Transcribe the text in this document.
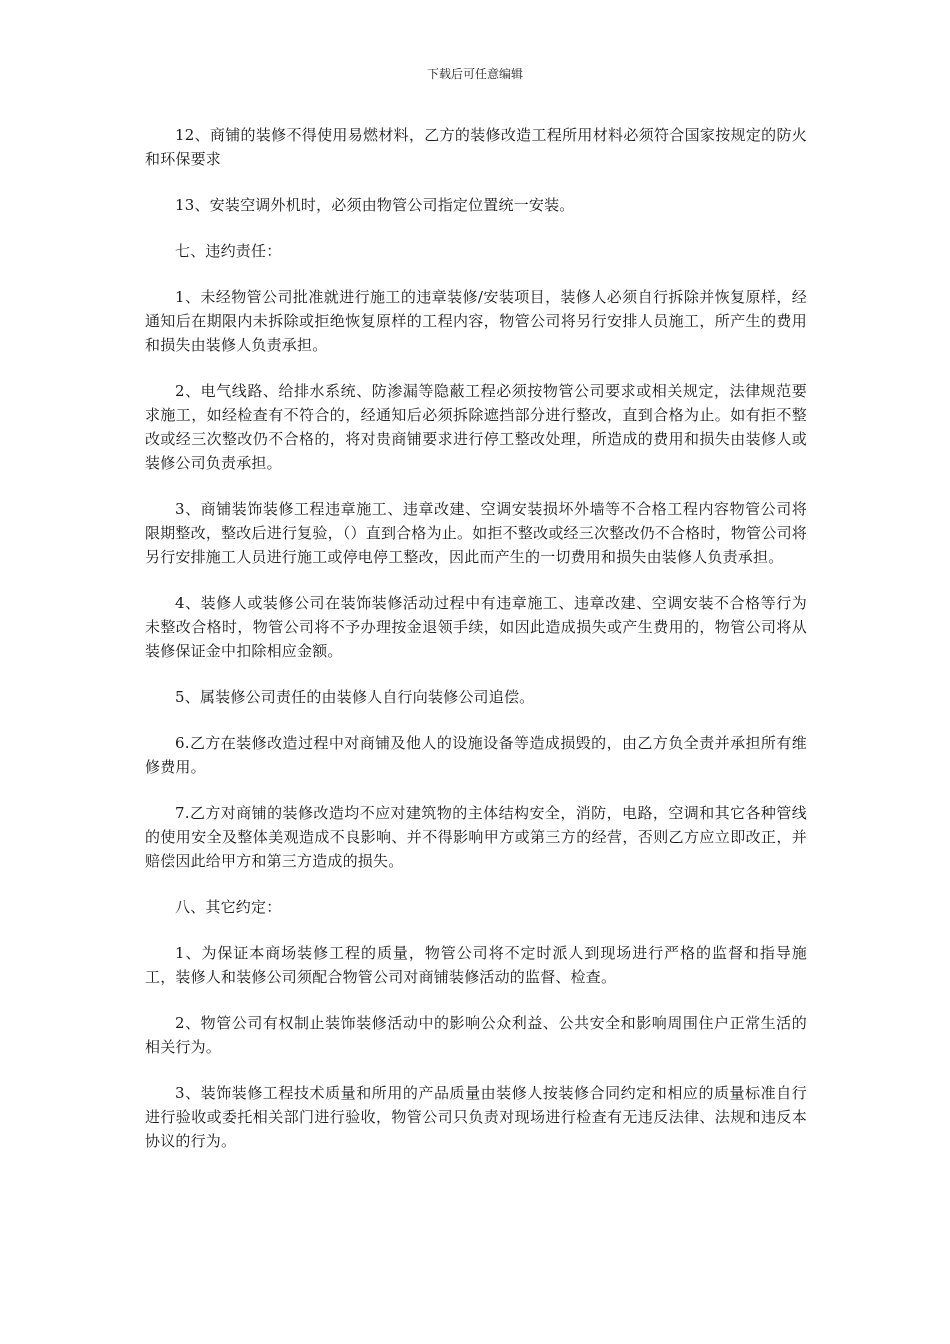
下载后可任意编辑

12、商铺的装修不得使用易燃材料，乙方的装修改造工程所用材料必须符合国家按规定的防火和环保要求

13、安装空调外机时，必须由物管公司指定位置统一安装。

七、违约责任：

1、未经物管公司批准就进行施工的违章装修/安装项目，装修人必须自行拆除并恢复原样，经通知后在期限内未拆除或拒绝恢复原样的工程内容，物管公司将另行安排人员施工，所产生的费用和损失由装修人负责承担。

2、电气线路、给排水系统、防渗漏等隐蔽工程必须按物管公司要求或相关规定，法律规范要求施工，如经检查有不符合的，经通知后必须拆除遮挡部分进行整改，直到合格为止。如有拒不整改或经三次整改仍不合格的，将对贵商铺要求进行停工整改处理，所造成的费用和损失由装修人或装修公司负责承担。

3、商铺装饰装修工程违章施工、违章改建、空调安装损坏外墙等不合格工程内容物管公司将限期整改，整改后进行复验，（）直到合格为止。如拒不整改或经三次整改仍不合格时，物管公司将另行安排施工人员进行施工或停电停工整改，因此而产生的一切费用和损失由装修人负责承担。

4、装修人或装修公司在装饰装修活动过程中有违章施工、违章改建、空调安装不合格等行为未整改合格时，物管公司将不予办理按金退领手续，如因此造成损失或产生费用的，物管公司将从装修保证金中扣除相应金额。

5、属装修公司责任的由装修人自行向装修公司追偿。

6.乙方在装修改造过程中对商铺及他人的设施设备等造成损毁的，由乙方负全责并承担所有维修费用。

7.乙方对商铺的装修改造均不应对建筑物的主体结构安全，消防，电路，空调和其它各种管线的使用安全及整体美观造成不良影响、并不得影响甲方或第三方的经营，否则乙方应立即改正，并赔偿因此给甲方和第三方造成的损失。

八、其它约定：

1、为保证本商场装修工程的质量，物管公司将不定时派人到现场进行严格的监督和指导施工，装修人和装修公司须配合物管公司对商铺装修活动的监督、检查。

2、物管公司有权制止装饰装修活动中的影响公众利益、公共安全和影响周围住户正常生活的相关行为。

3、装饰装修工程技术质量和所用的产品质量由装修人按装修合同约定和相应的质量标准自行进行验收或委托相关部门进行验收，物管公司只负责对现场进行检查有无违反法律、法规和违反本协议的行为。
